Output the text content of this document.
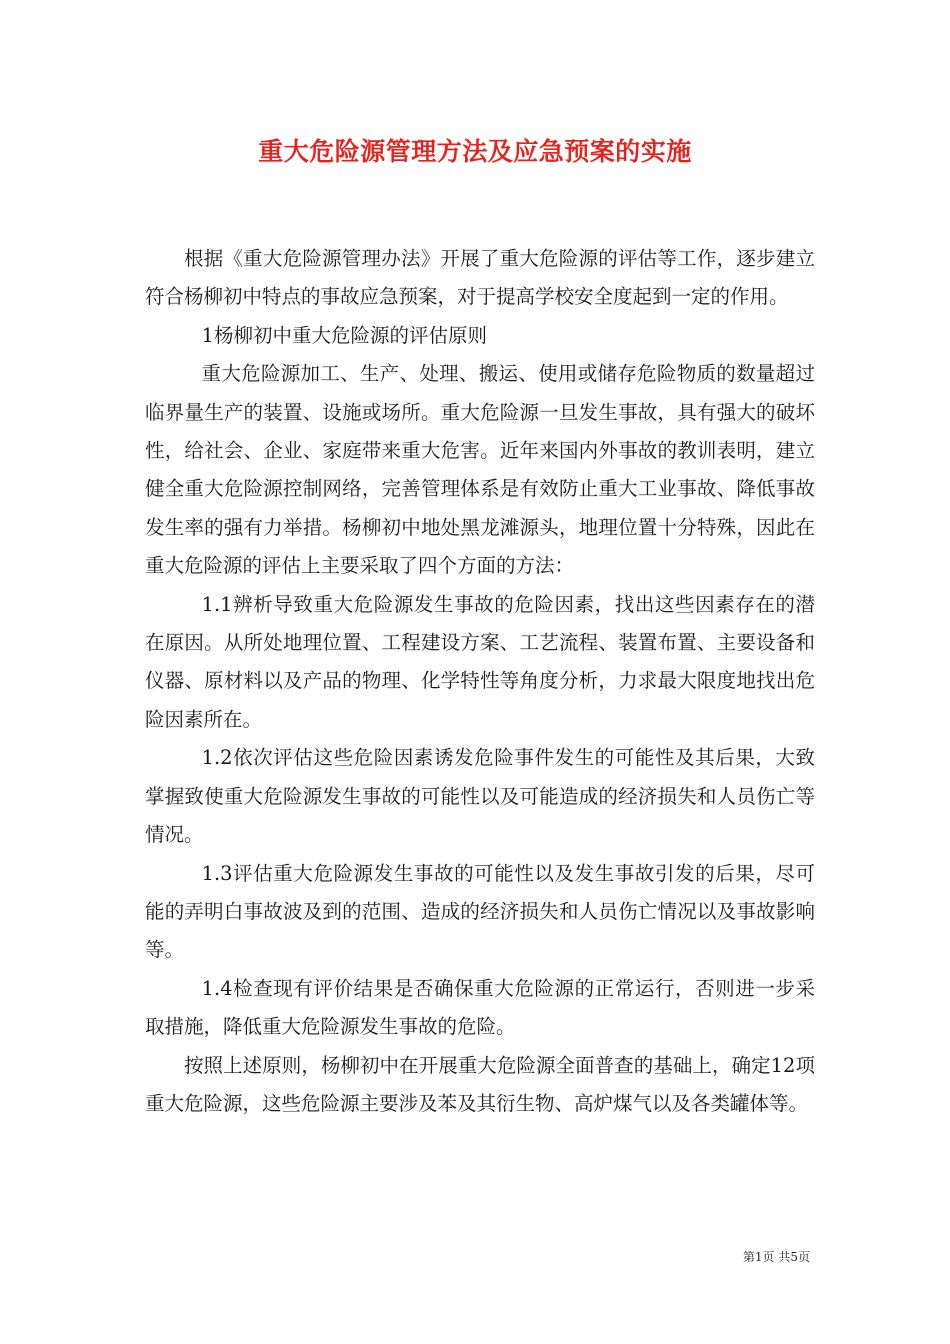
重大危险源管理方法及应急预案的实施

根据《重大危险源管理办法》开展了重大危险源的评估等工作，逐步建立符合杨柳初中特点的事故应急预案，对于提高学校安全度起到一定的作用。

1杨柳初中重大危险源的评估原则

重大危险源加工、生产、处理、搬运、使用或储存危险物质的数量超过临界量生产的装置、设施或场所。重大危险源一旦发生事故，具有强大的破坏性，给社会、企业、家庭带来重大危害。近年来国内外事故的教训表明，建立健全重大危险源控制网络，完善管理体系是有效防止重大工业事故、降低事故发生率的强有力举措。杨柳初中地处黑龙滩源头，地理位置十分特殊，因此在重大危险源的评估上主要采取了四个方面的方法：

1.1辨析导致重大危险源发生事故的危险因素，找出这些因素存在的潜在原因。从所处地理位置、工程建设方案、工艺流程、装置布置、主要设备和仪器、原材料以及产品的物理、化学特性等角度分析，力求最大限度地找出危险因素所在。

1.2依次评估这些危险因素诱发危险事件发生的可能性及其后果，大致掌握致使重大危险源发生事故的可能性以及可能造成的经济损失和人员伤亡等情况。

1.3评估重大危险源发生事故的可能性以及发生事故引发的后果，尽可能的弄明白事故波及到的范围、造成的经济损失和人员伤亡情况以及事故影响等。

1.4检查现有评价结果是否确保重大危险源的正常运行，否则进一步采取措施，降低重大危险源发生事故的危险。

按照上述原则，杨柳初中在开展重大危险源全面普查的基础上，确定12项重大危险源，这些危险源主要涉及苯及其衍生物、高炉煤气以及各类罐体等。

第1页 共5页
